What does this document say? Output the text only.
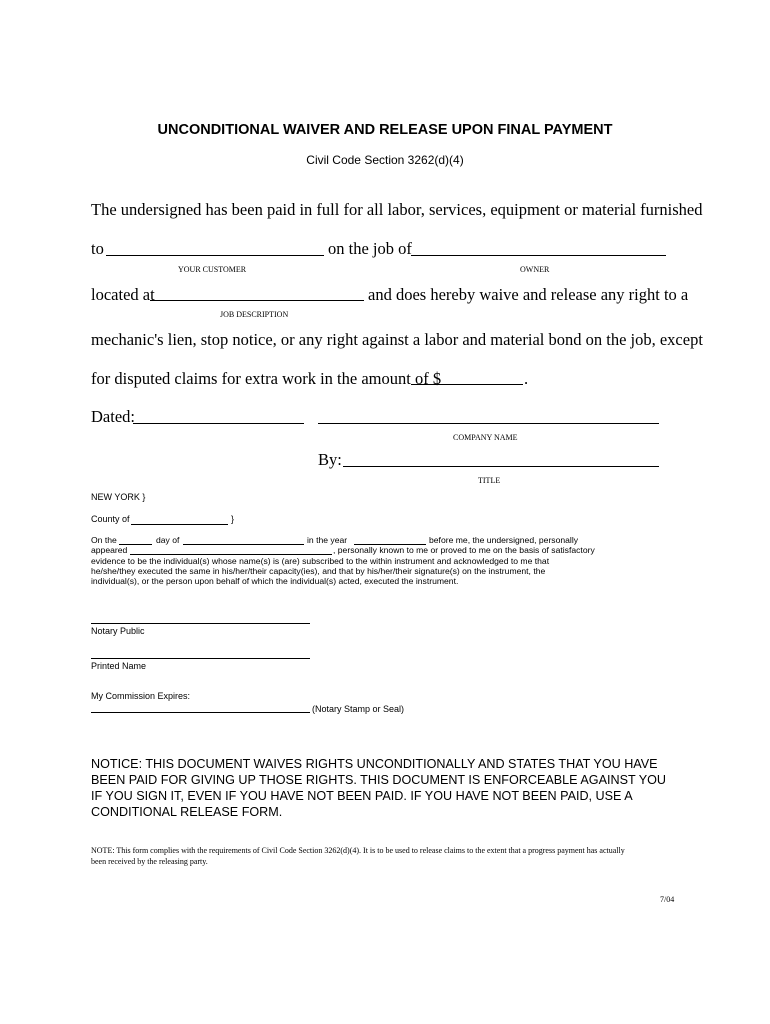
UNCONDITIONAL WAIVER AND RELEASE UPON FINAL PAYMENT
Civil Code Section 3262(d)(4)
The undersigned has been paid in full for all labor, services, equipment or material furnished
to	on the job of
YOUR CUSTOMER	OWNER
located at	and does hereby waive and release any right to a
JOB DESCRIPTION
mechanic's lien, stop notice, or any right against a labor and material bond on the job, except
for disputed claims for extra work in the amount of $	.
Dated:
COMPANY NAME
By:
TITLE
NEW YORK }
County of	}
On the	day of	in the year	before me, the undersigned, personally
appeared	, personally known to me or proved to me on the basis of satisfactory
evidence to be the individual(s) whose name(s) is (are) subscribed to the within instrument and acknowledged to me that
he/she/they executed the same in his/her/their capacity(ies), and that by his/her/their signature(s) on the instrument, the
individual(s), or the person upon behalf of which the individual(s) acted, executed the instrument.
Notary Public
Printed Name
My Commission Expires:
(Notary Stamp or Seal)
NOTICE: THIS DOCUMENT WAIVES RIGHTS UNCONDITIONALLY AND STATES THAT YOU HAVE
BEEN PAID FOR GIVING UP THOSE RIGHTS. THIS DOCUMENT IS ENFORCEABLE AGAINST YOU
IF YOU SIGN IT, EVEN IF YOU HAVE NOT BEEN PAID. IF YOU HAVE NOT BEEN PAID, USE A
CONDITIONAL RELEASE FORM.
NOTE: This form complies with the requirements of Civil Code Section 3262(d)(4). It is to be used to release claims to the extent that a progress payment has actually
been received by the releasing party.
7/04
